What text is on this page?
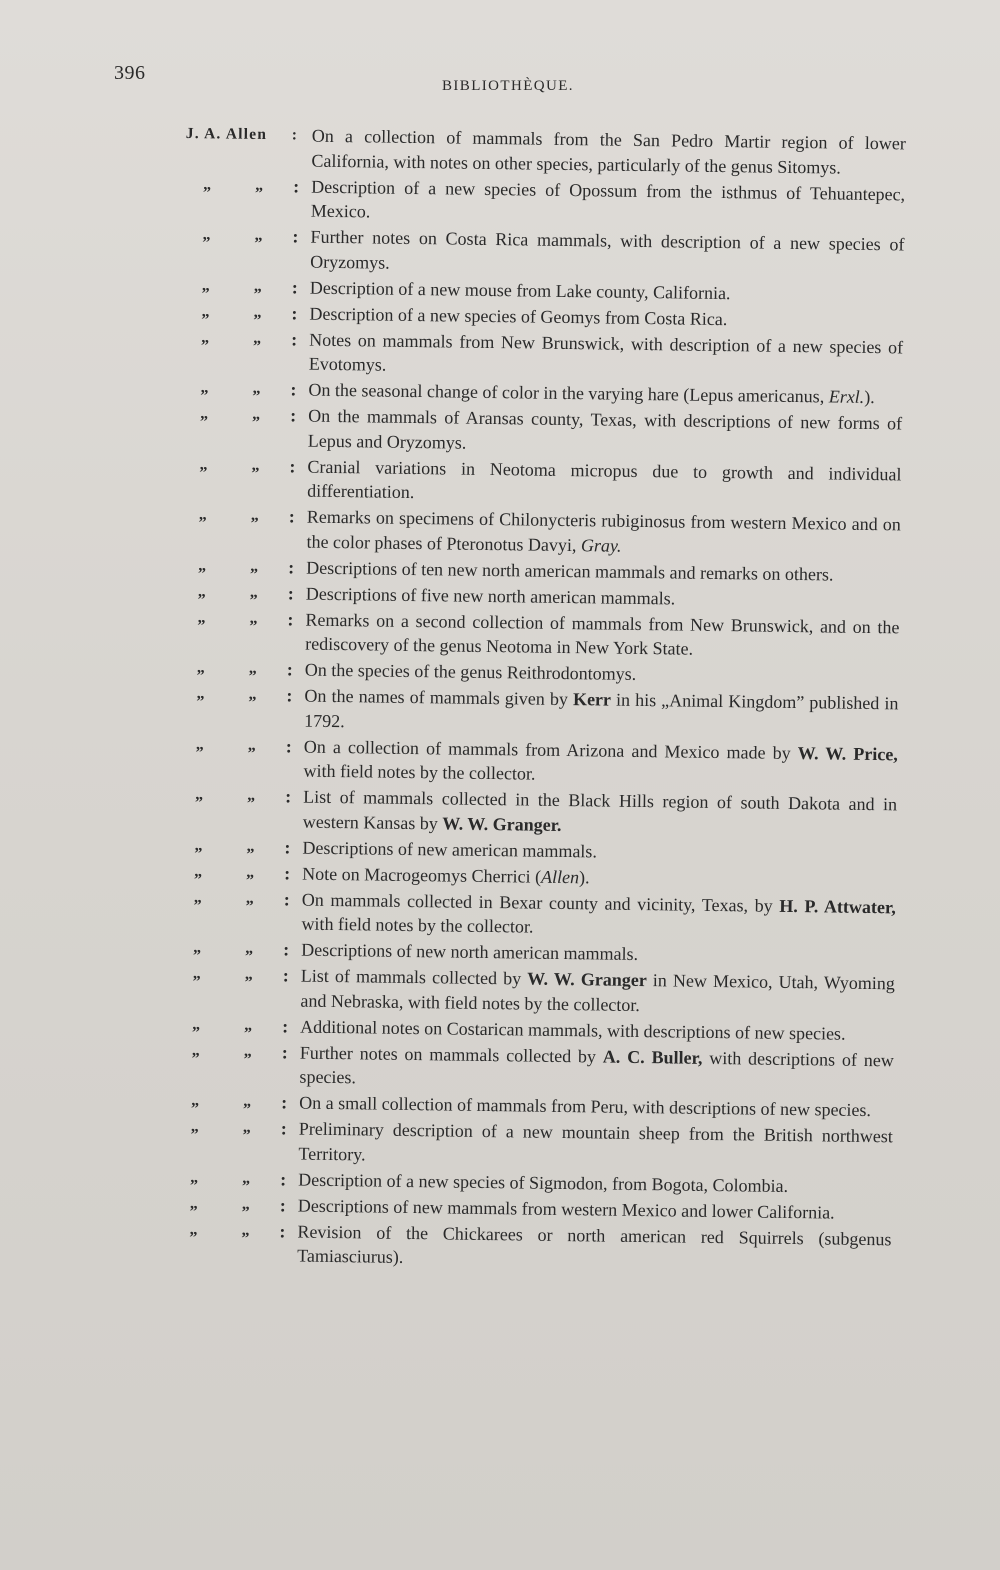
396
BIBLIOTHÈQUE.
J. A. Allen : On a collection of mammals from the San Pedro Martir region of lower California, with notes on other species, particularly of the genus Sitomys.
„	„ : Description of a new species of Opossum from the isthmus of Tehuantepec, Mexico.
„	„ : Further notes on Costa Rica mammals, with description of a new species of Oryzomys.
„	„ : Description of a new mouse from Lake county, California.
„	„ : Description of a new species of Geomys from Costa Rica.
„	„ : Notes on mammals from New Brunswick, with description of a new species of Evotomys.
„	„ : On the seasonal change of color in the varying hare (Lepus americanus, Erxl.).
„	„ : On the mammals of Aransas county, Texas, with descriptions of new forms of Lepus and Oryzomys.
„	„ : Cranial variations in Neotoma micropus due to growth and individual differentiation.
„	„ : Remarks on specimens of Chilonycteris rubiginosus from western Mexico and on the color phases of Pteronotus Davyi, Gray.
„	„ : Descriptions of ten new north american mammals and remarks on others.
„	„ : Descriptions of five new north american mammals.
„	„ : Remarks on a second collection of mammals from New Brunswick, and on the rediscovery of the genus Neotoma in New York State.
„	„ : On the species of the genus Reithrodontomys.
„	„ : On the names of mammals given by Kerr in his „Animal Kingdom” published in 1792.
„	„ : On a collection of mammals from Arizona and Mexico made by W. W. Price, with field notes by the collector.
„	„ : List of mammals collected in the Black Hills region of south Dakota and in western Kansas by W. W. Granger.
„	„ : Descriptions of new american mammals.
„	„ : Note on Macrogeomys Cherrici (Allen).
„	„ : On mammals collected in Bexar county and vicinity, Texas, by H. P. Attwater, with field notes by the collector.
„	„ : Descriptions of new north american mammals.
„	„ : List of mammals collected by W. W. Granger in New Mexico, Utah, Wyoming and Nebraska, with field notes by the collector.
„	„ : Additional notes on Costarican mammals, with descriptions of new species.
„	„ : Further notes on mammals collected by A. C. Buller, with descriptions of new species.
„	„ : On a small collection of mammals from Peru, with descriptions of new species.
„	„ : Preliminary description of a new mountain sheep from the British northwest Territory.
„	„ : Description of a new species of Sigmodon, from Bogota, Colombia.
„	„ : Descriptions of new mammals from western Mexico and lower California.
„	„ : Revision of the Chickarees or north american red Squirrels (subgenus Tamiasciurus).
